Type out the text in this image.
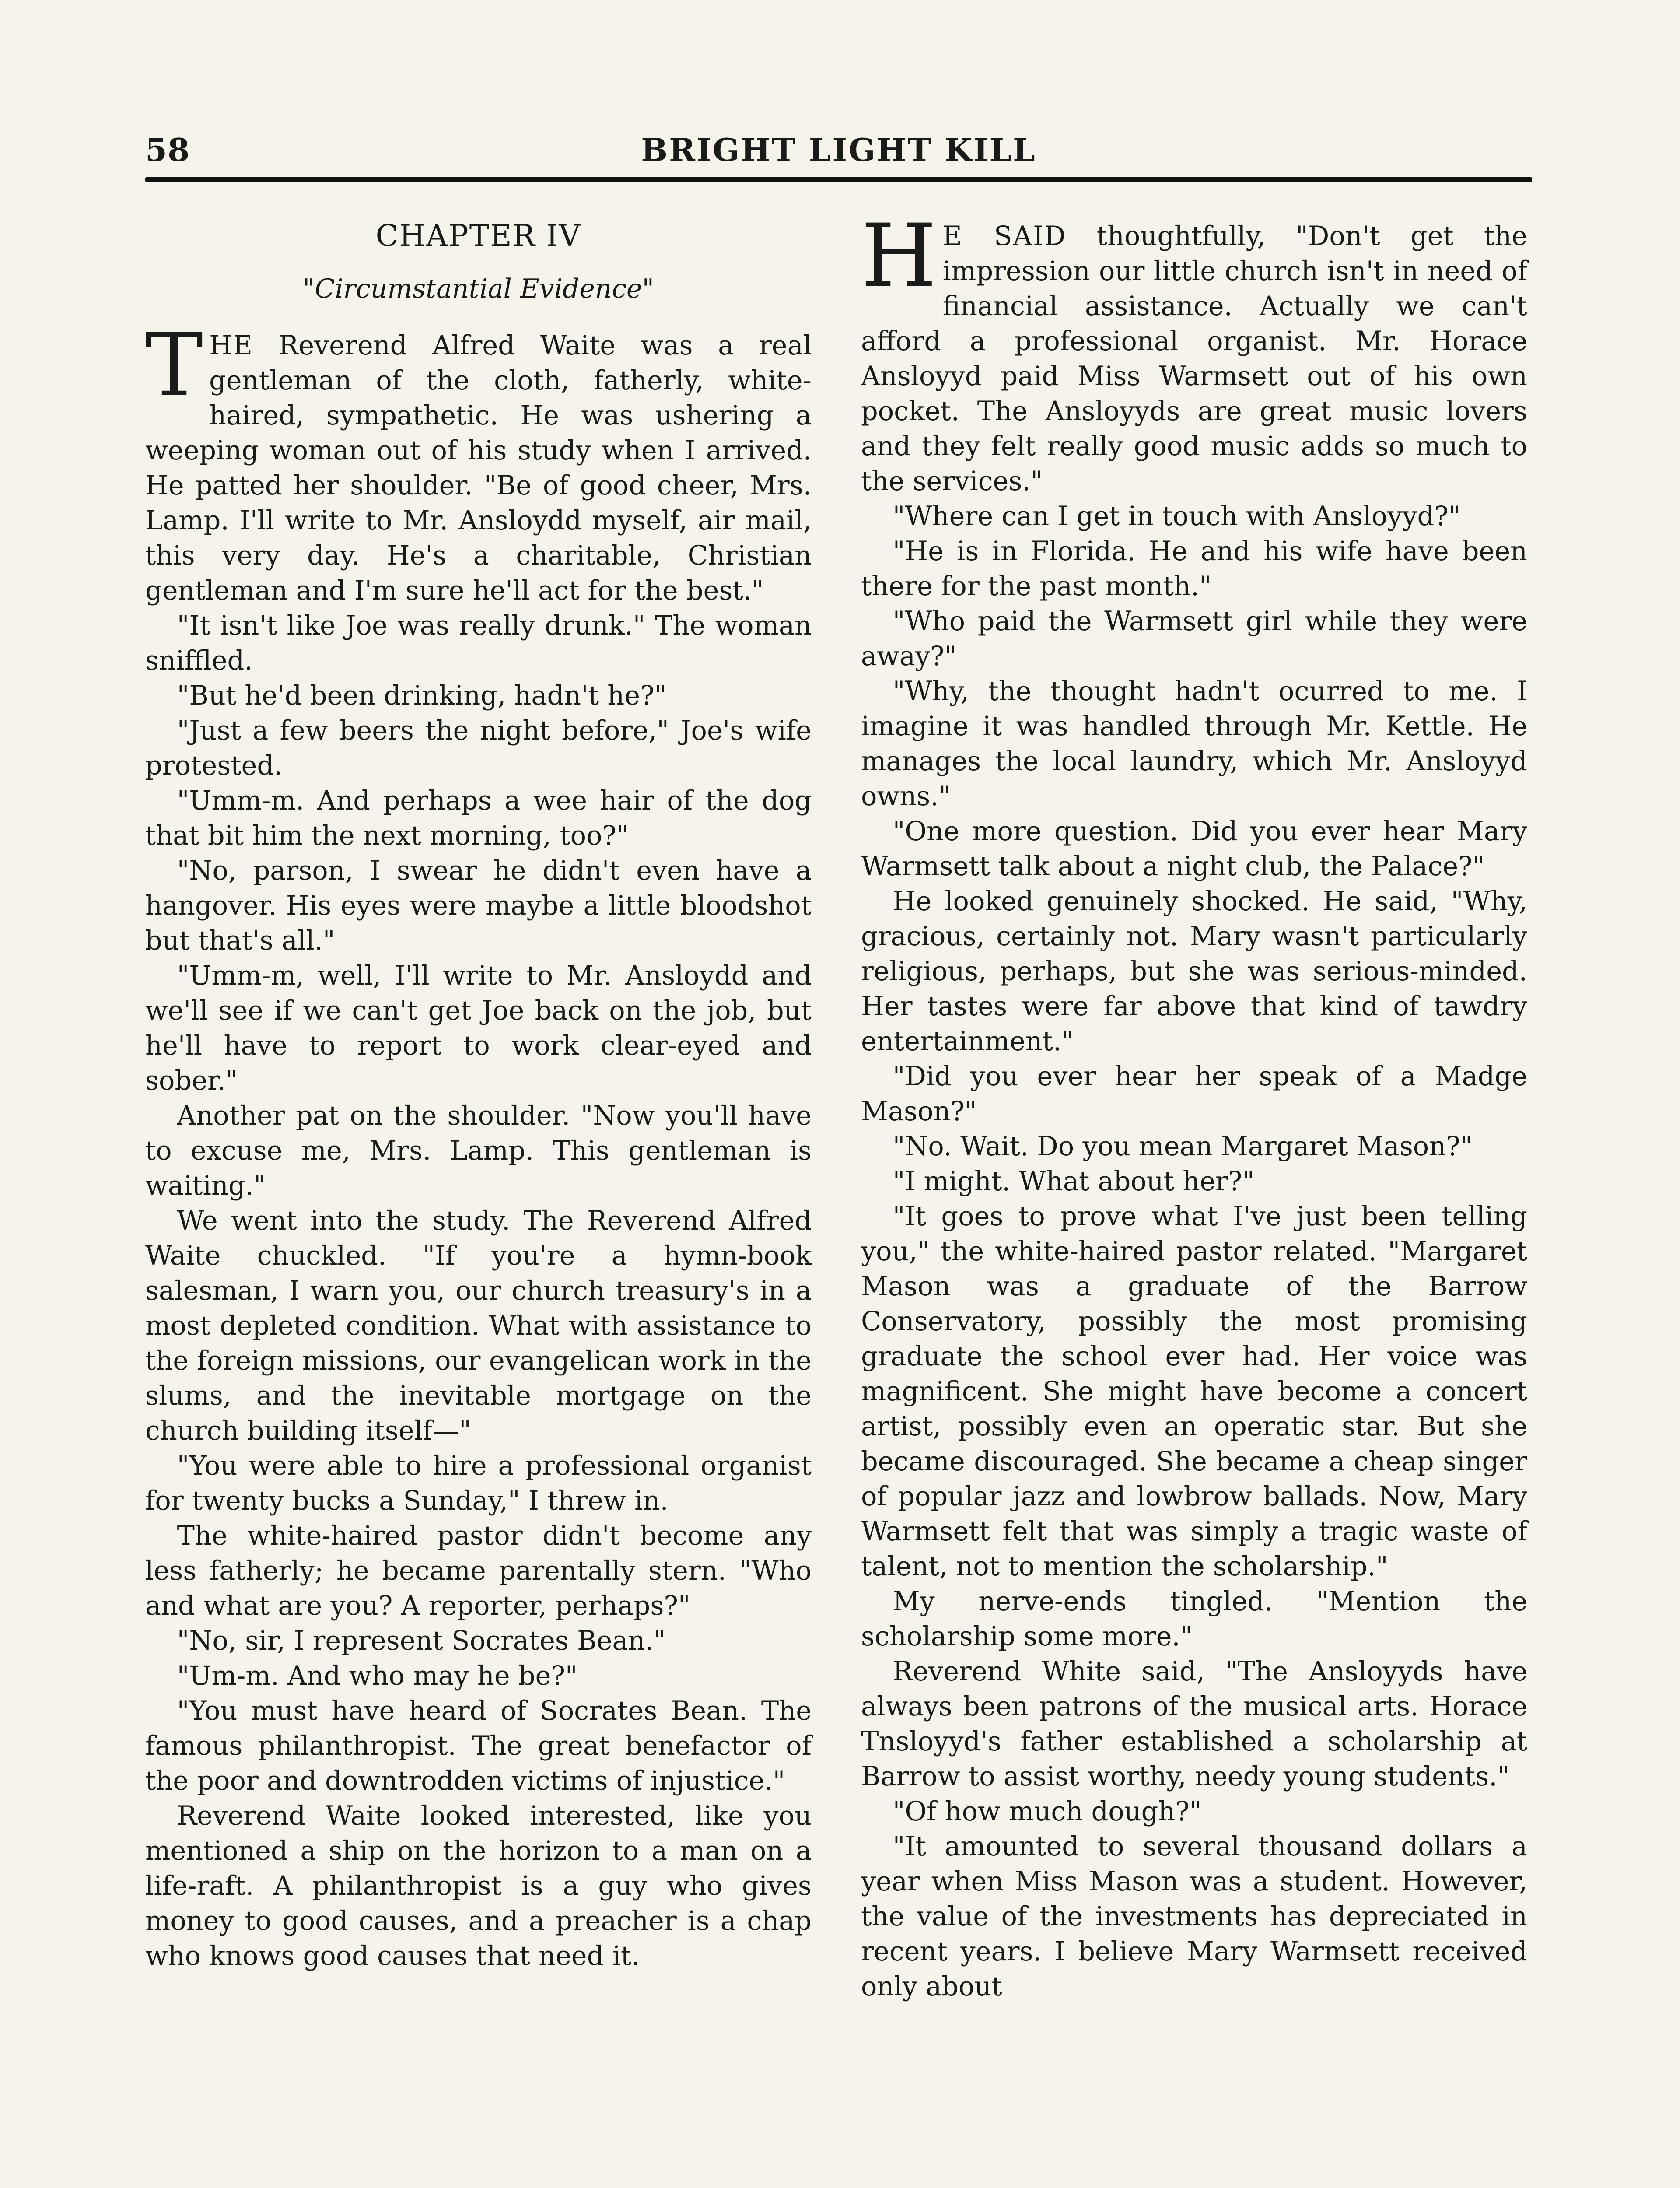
58	BRIGHT LIGHT KILL
CHAPTER IV
"Circumstantial Evidence"

THE Reverend Alfred Waite was a real gentleman of the cloth, fatherly, white-haired, sympathetic. He was ushering a weeping woman out of his study when I arrived. He patted her shoulder. "Be of good cheer, Mrs. Lamp. I'll write to Mr. Ansloydd myself, air mail, this very day. He's a charitable, Christian gentleman and I'm sure he'll act for the best."

"It isn't like Joe was really drunk." The woman sniffled.

"But he'd been drinking, hadn't he?"

"Just a few beers the night before," Joe's wife protested.

"Umm-m. And perhaps a wee hair of the dog that bit him the next morning, too?"

"No, parson, I swear he didn't even have a hangover. His eyes were maybe a little bloodshot but that's all."

"Umm-m, well, I'll write to Mr. Ansloydd and we'll see if we can't get Joe back on the job, but he'll have to report to work clear-eyed and sober."

Another pat on the shoulder. "Now you'll have to excuse me, Mrs. Lamp. This gentleman is waiting."

We went into the study. The Reverend Alfred Waite chuckled. "If you're a hymn-book salesman, I warn you, our church treasury's in a most depleted condition. What with assistance to the foreign missions, our evangelican work in the slums, and the inevitable mortgage on the church building itself—"

"You were able to hire a professional organist for twenty bucks a Sunday," I threw in.

The white-haired pastor didn't become any less fatherly; he became parentally stern. "Who and what are you? A reporter, perhaps?"

"No, sir, I represent Socrates Bean."

"Um-m. And who may he be?"

"You must have heard of Socrates Bean. The famous philanthropist. The great benefactor of the poor and downtrodden victims of injustice."

Reverend Waite looked interested, like you mentioned a ship on the horizon to a man on a life-raft. A philanthropist is a guy who gives money to good causes, and a preacher is a chap who knows good causes that need it.

H E SAID thoughtfully, "Don't get the impression our little church isn't in need of financial assistance. Actually we can't afford a professional organist. Mr. Horace Ansloyyd paid Miss Warmsett out of his own pocket. The Ansloyyds are great music lovers and they felt really good music adds so much to the services."

"Where can I get in touch with Ansloyyd?"

"He is in Florida. He and his wife have been there for the past month."

"Who paid the Warmsett girl while they were away?"

"Why, the thought hadn't ocurred to me. I imagine it was handled through Mr. Kettle. He manages the local laundry, which Mr. Ansloyyd owns."

"One more question. Did you ever hear Mary Warmsett talk about a night club, the Palace?"

He looked genuinely shocked. He said, "Why, gracious, certainly not. Mary wasn't particularly religious, perhaps, but she was serious-minded. Her tastes were far above that kind of tawdry entertainment."

"Did you ever hear her speak of a Madge Mason?"

"No. Wait. Do you mean Margaret Mason?"

"I might. What about her?"

"It goes to prove what I've just been telling you," the white-haired pastor related. "Margaret Mason was a graduate of the Barrow Conservatory, possibly the most promising graduate the school ever had. Her voice was magnificent. She might have become a concert artist, possibly even an operatic star. But she became discouraged. She became a cheap singer of popular jazz and lowbrow ballads. Now, Mary Warmsett felt that was simply a tragic waste of talent, not to mention the scholarship."

My nerve-ends tingled. "Mention the scholarship some more."

Reverend White said, "The Ansloyyds have always been patrons of the musical arts. Horace Tnsloyyd's father established a scholarship at Barrow to assist worthy, needy young students."

"Of how much dough?"

"It amounted to several thousand dollars a year when Miss Mason was a student. However, the value of the investments has depreciated in recent years. I believe Mary Warmsett received only about
